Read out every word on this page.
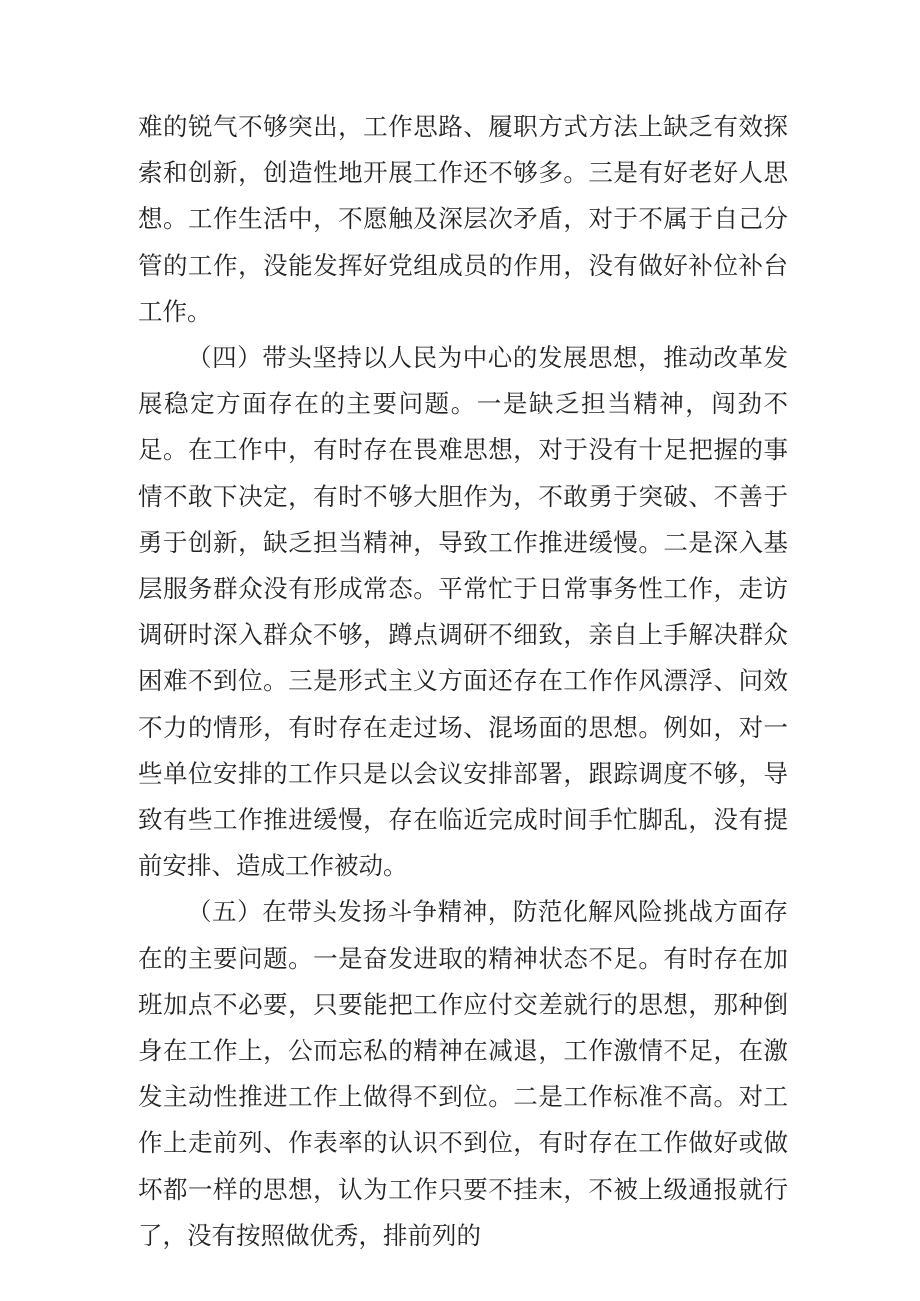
难的锐气不够突出，工作思路、履职方式方法上缺乏有效探索和创新，创造性地开展工作还不够多。三是有好老好人思想。工作生活中，不愿触及深层次矛盾，对于不属于自己分管的工作，没能发挥好党组成员的作用，没有做好补位补台工作。

（四）带头坚持以人民为中心的发展思想，推动改革发展稳定方面存在的主要问题。一是缺乏担当精神，闯劲不足。在工作中，有时存在畏难思想，对于没有十足把握的事情不敢下决定，有时不够大胆作为，不敢勇于突破、不善于勇于创新，缺乏担当精神，导致工作推进缓慢。二是深入基层服务群众没有形成常态。平常忙于日常事务性工作，走访调研时深入群众不够，蹲点调研不细致，亲自上手解决群众困难不到位。三是形式主义方面还存在工作作风漂浮、问效不力的情形，有时存在走过场、混场面的思想。例如，对一些单位安排的工作只是以会议安排部署，跟踪调度不够，导致有些工作推进缓慢，存在临近完成时间手忙脚乱，没有提前安排、造成工作被动。

（五）在带头发扬斗争精神，防范化解风险挑战方面存在的主要问题。一是奋发进取的精神状态不足。有时存在加班加点不必要，只要能把工作应付交差就行的思想，那种倒身在工作上，公而忘私的精神在减退，工作激情不足，在激发主动性推进工作上做得不到位。二是工作标准不高。对工作上走前列、作表率的认识不到位，有时存在工作做好或做坏都一样的思想，认为工作只要不挂末，不被上级通报就行了，没有按照做优秀，排前列的
